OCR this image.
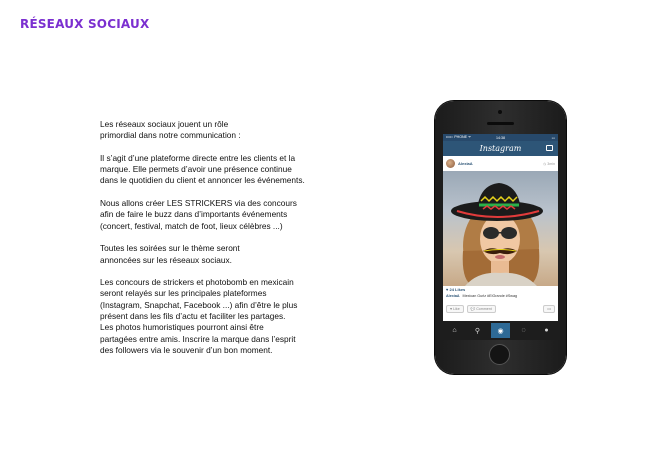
RÉSEAUX SOCIAUX

Les réseaux sociaux jouent un rôle
primordial dans notre communication :

Il s’agit d’une plateforme directe entre les clients et la
marque. Elle permets d’avoir une présence continue
dans le quotidien du client et annoncer les événements.

Nous allons créer LES STRICKERS via des concours
afin de faire le buzz dans d’importants événements
(concert, festival, match de foot, lieux célèbres ...)

Toutes les soirées sur le thème seront
annoncées sur les réseaux sociaux.

Les concours de strickers et photobomb en mexicain
seront relayés sur les principales plateformes
(Instagram, Snapchat, Facebook ...) afin d’être le plus
présent dans les fils d’actu et faciliter les partages.
Les photos humoristiques pourront ainsi être
partagées entre amis. Inscrire la marque dans l’esprit
des followers via le souvenir d’un bon moment.

••••○ PHONE ᯤ	14:38	▭
Instagram
AlexiaA	◷ 3min
♥ 24 Likes
AlexiaA Mexican Gurlz #ElGrande #Swag
♥ Like	💬 Comment	•••
⌂	⚲	◉	◌	●
